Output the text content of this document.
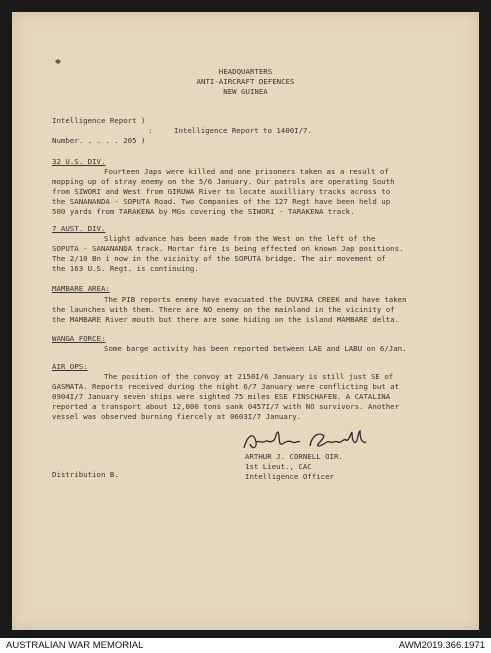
HEADQUARTERS
ANTI-AIRCRAFT DEFENCES
NEW GUINEA
Intelligence Report )
:	Intelligence Report to 1400I/7.
Number. . . . . 205 )
32 U.S. DIV.
Fourteen Japs were killed and one prisoners taken as a result of
mopping up of stray enemy on the 5/6 January. Our patrols are operating South
from SIWORI and West from GIRUWA River to locate auxilliary tracks across to
the SANANANDA - SOPUTA Road. Two Companies of the 127 Regt have been held up
500 yards from TARAKENA by MGs covering the SIWORI - TARAKENA track.
7 AUST. DIV.
Slight advance has been made from the West on the left of the
SOPUTA - SANANANDA track. Mortar fire is being effected on known Jap positions.
The 2/10 Bn i now in the vicinity of the SOPUTA bridge. The air movement of
the 163 U.S. Regt. is continuing.
MAMBARE AREA:
The PIB reports enemy have evacuated the DUVIRA CREEK and have taken
the launches with them. There are NO enemy on the mainland in the vicinity of
the MAMBARE River mouth but there are some hiding on the island MAMBARE delta.
WANGA FORCE:
Some barge activity has been reported between LAE and LABU on 6/Jan.
AIR OPS:
The position of the convoy at 2150I/6 January is still just SE of
GASMATA. Reports received during the night 6/7 January were conflicting but at
0904I/7 January seven ships were sighted 75 miles ESE FINSCHAFEN. A CATALINA
reported a transport about 12,000 tons sank 0457I/7 with NO survivors. Another
vessel was observed burning fiercely at 0603I/7 January.
ARTHUR J. CORNELL OIR.
1st Lieut., CAC
Intelligence Officer
Distribution B.
AUSTRALIAN WAR MEMORIAL	AWM2019.366.1971
